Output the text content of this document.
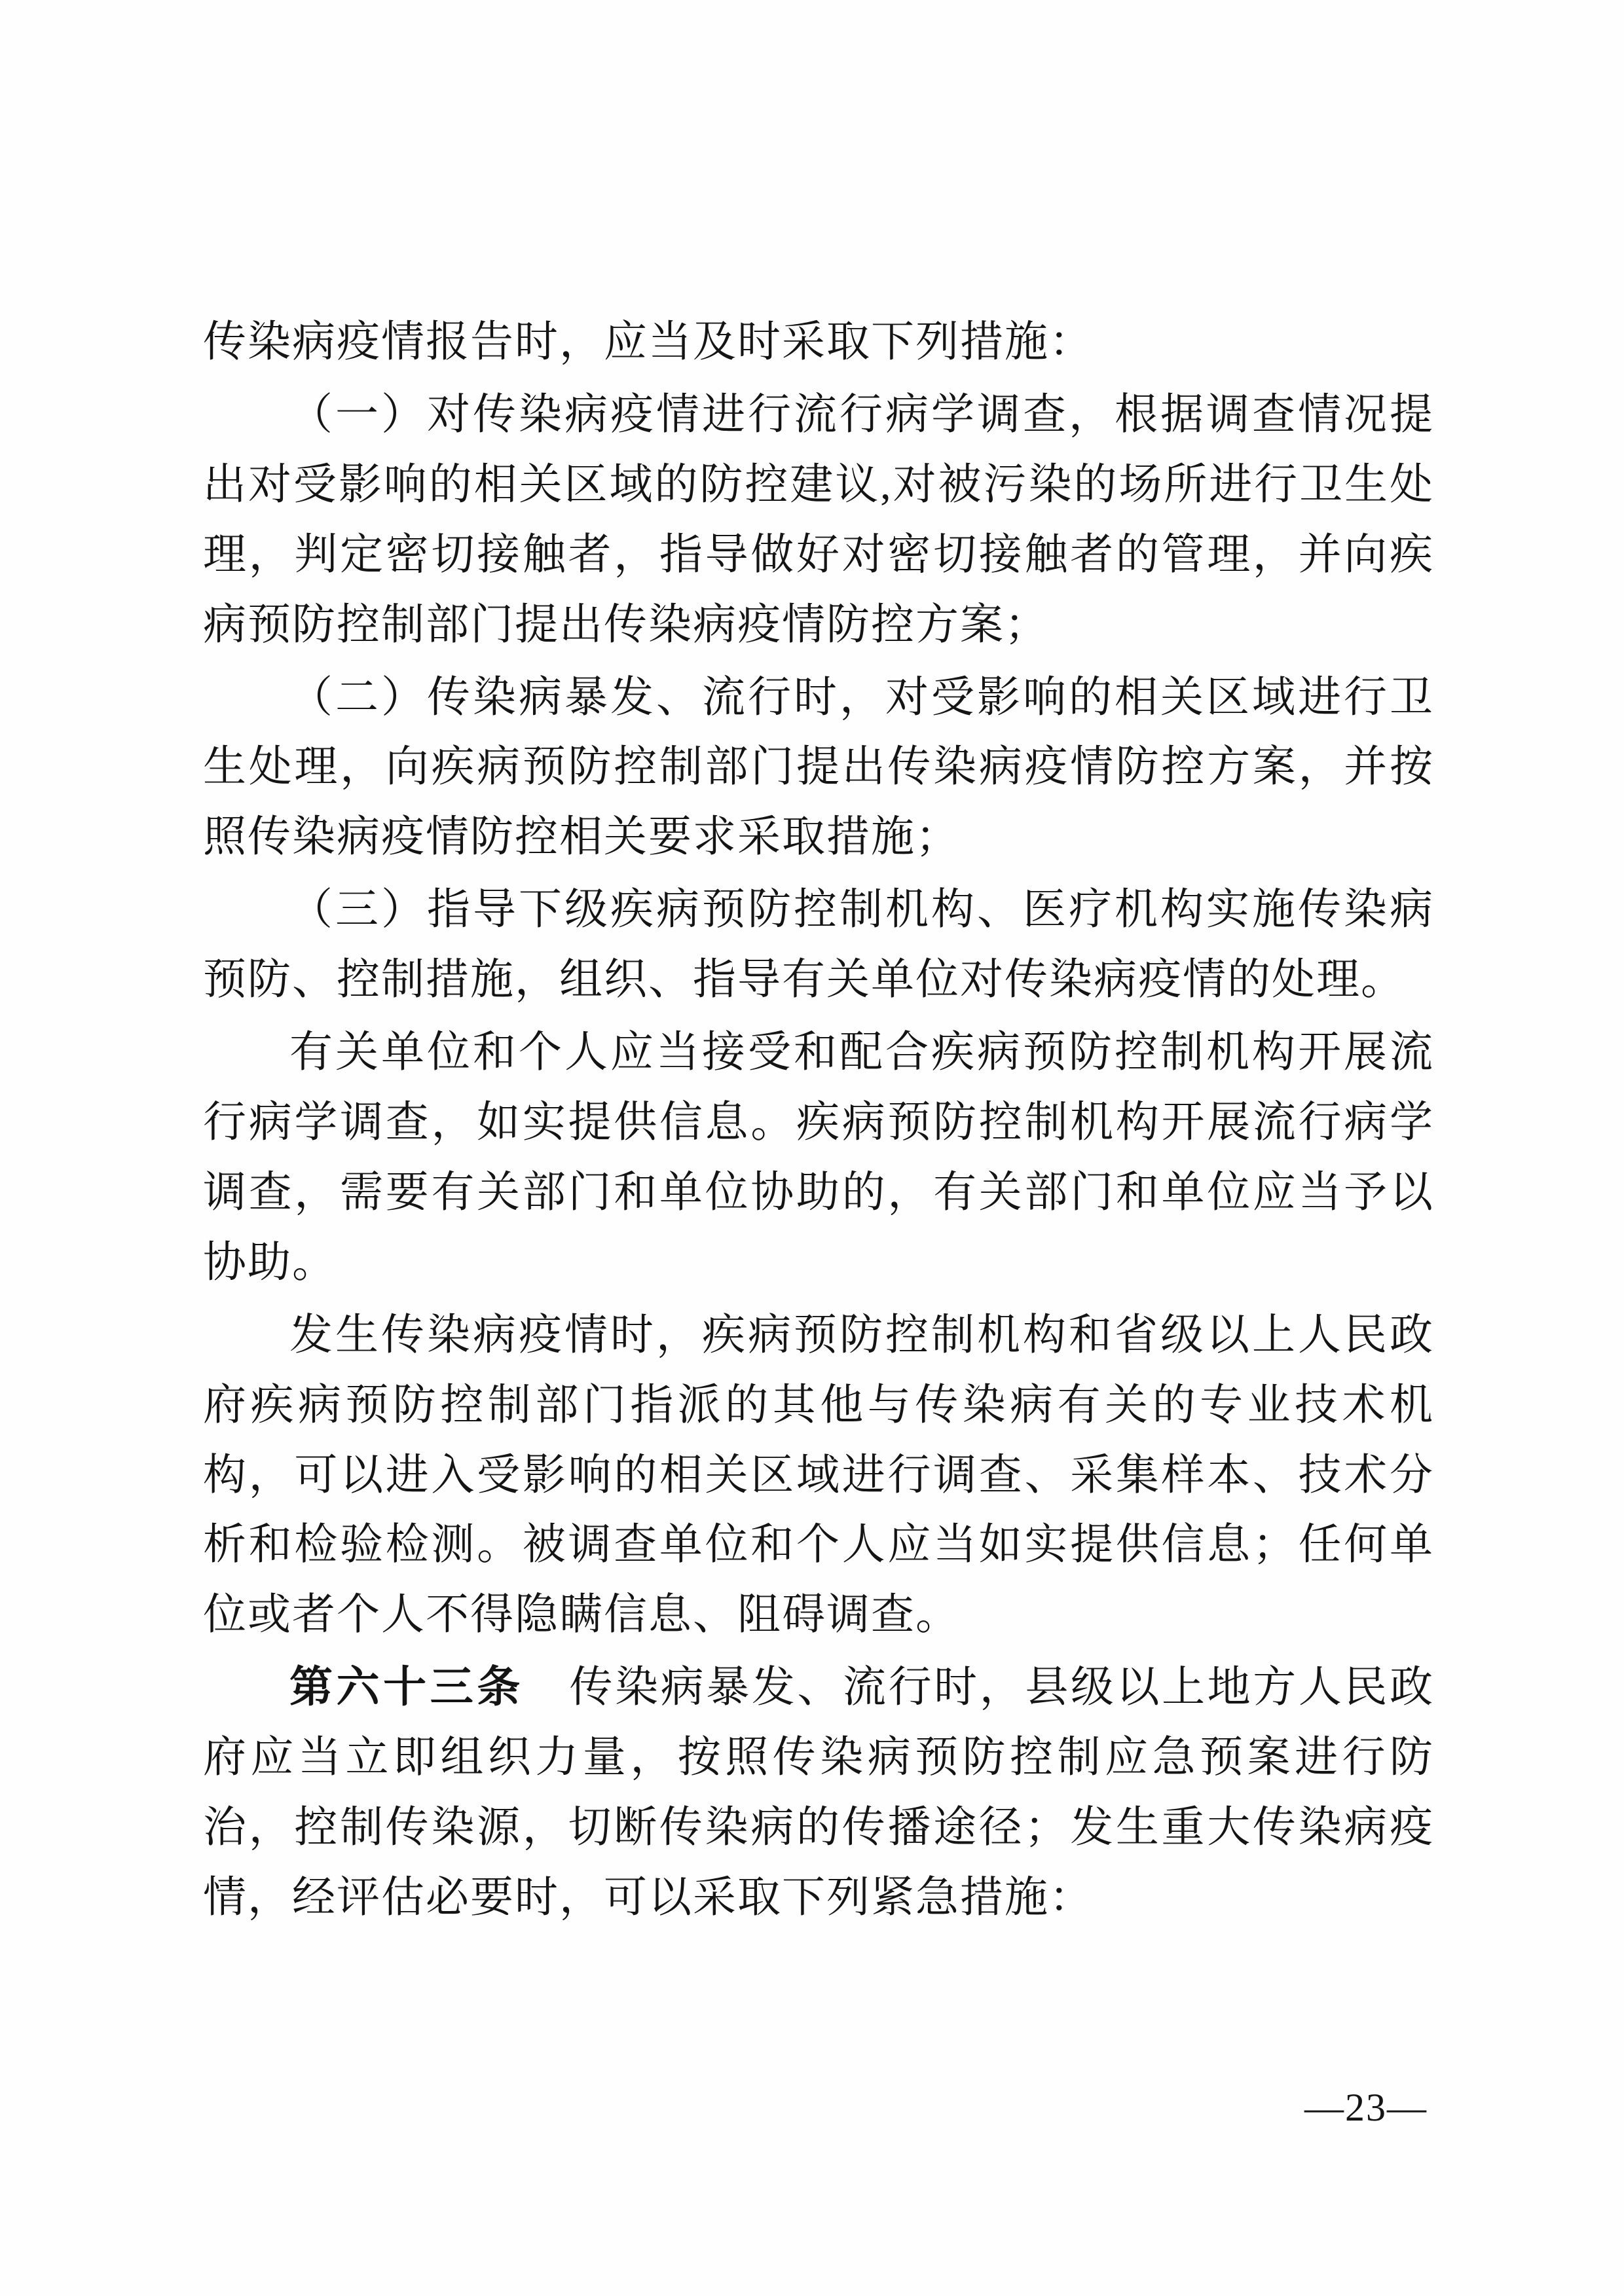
传染病疫情报告时，应当及时采取下列措施：

（一）对传染病疫情进行流行病学调查，根据调查情况提出对受影响的相关区域的防控建议,对被污染的场所进行卫生处理，判定密切接触者，指导做好对密切接触者的管理，并向疾病预防控制部门提出传染病疫情防控方案；

（二）传染病暴发、流行时，对受影响的相关区域进行卫生处理，向疾病预防控制部门提出传染病疫情防控方案，并按照传染病疫情防控相关要求采取措施；

（三）指导下级疾病预防控制机构、医疗机构实施传染病预防、控制措施，组织、指导有关单位对传染病疫情的处理。

有关单位和个人应当接受和配合疾病预防控制机构开展流行病学调查，如实提供信息。疾病预防控制机构开展流行病学调查，需要有关部门和单位协助的，有关部门和单位应当予以协助。

发生传染病疫情时，疾病预防控制机构和省级以上人民政府疾病预防控制部门指派的其他与传染病有关的专业技术机构，可以进入受影响的相关区域进行调查、采集样本、技术分析和检验检测。被调查单位和个人应当如实提供信息；任何单位或者个人不得隐瞒信息、阻碍调查。

第六十三条　传染病暴发、流行时，县级以上地方人民政府应当立即组织力量，按照传染病预防控制应急预案进行防治，控制传染源，切断传染病的传播途径；发生重大传染病疫情，经评估必要时，可以采取下列紧急措施：

—23—
